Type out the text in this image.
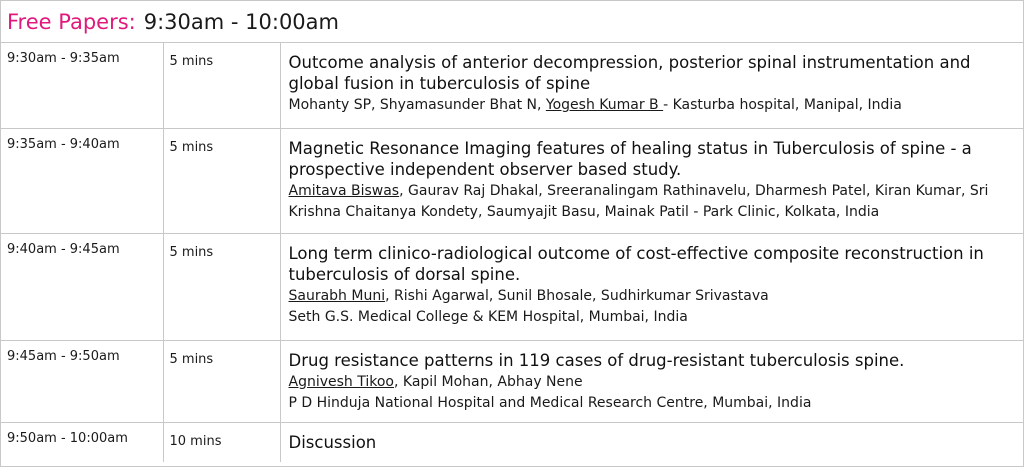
Free Papers: 9:30am - 10:00am
9:30am - 9:35am	5 mins	Outcome analysis of anterior decompression, posterior spinal instrumentation and global fusion in tuberculosis of spine
Mohanty SP, Shyamasunder Bhat N, Yogesh Kumar B - Kasturba hospital, Manipal, India

9:35am - 9:40am	5 mins	Magnetic Resonance Imaging features of healing status in Tuberculosis of spine - a prospective independent observer based study.
Amitava Biswas, Gaurav Raj Dhakal, Sreeranalingam Rathinavelu, Dharmesh Patel, Kiran Kumar, Sri Krishna Chaitanya Kondety, Saumyajit Basu, Mainak Patil - Park Clinic, Kolkata, India

9:40am - 9:45am	5 mins	Long term clinico-radiological outcome of cost-effective composite reconstruction in tuberculosis of dorsal spine.
Saurabh Muni, Rishi Agarwal, Sunil Bhosale, Sudhirkumar Srivastava
Seth G.S. Medical College & KEM Hospital, Mumbai, India

9:45am - 9:50am	5 mins	Drug resistance patterns in 119 cases of drug-resistant tuberculosis spine.
Agnivesh Tikoo, Kapil Mohan, Abhay Nene
P D Hinduja National Hospital and Medical Research Centre, Mumbai, India

9:50am - 10:00am	10 mins	Discussion
